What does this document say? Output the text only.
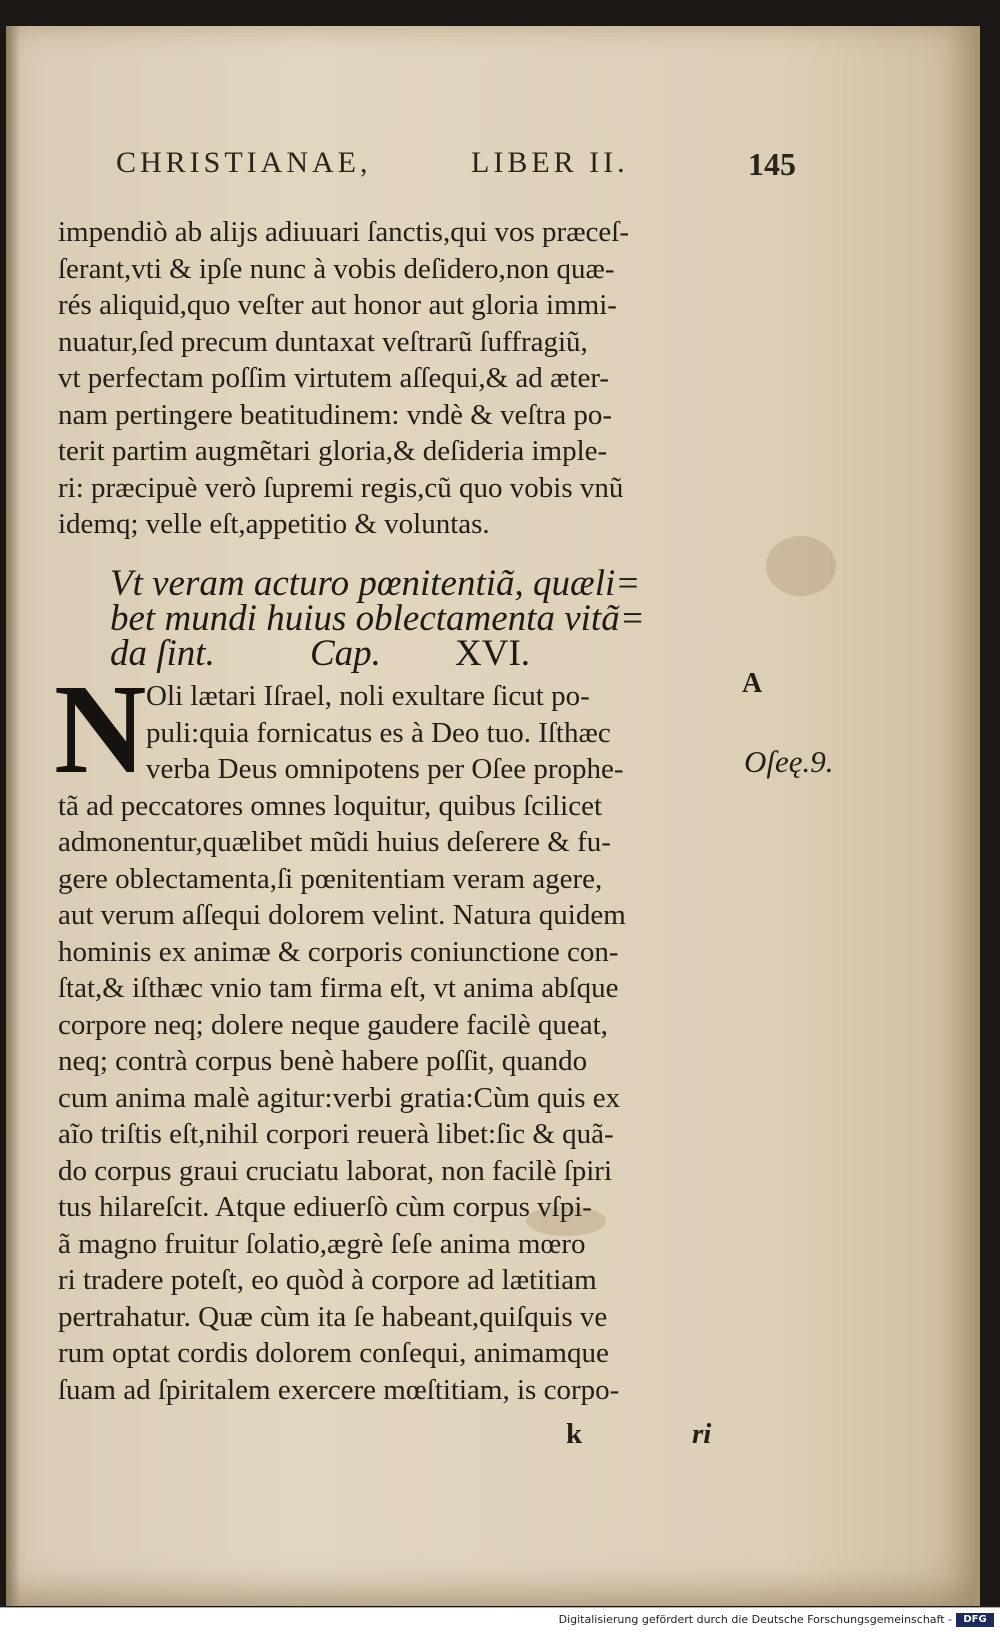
CHRISTIANAE,	LIBER II.	145
impendiò ab alijs adiuuari ſanctis,qui vos præceſ-
ſerant,vti & ipſe nunc à vobis deſidero,non quæ-
rés aliquid,quo veſter aut honor aut gloria immi-
nuatur,ſed precum duntaxat veſtrarũ ſuffragiũ,
vt perfectam poſſim virtutem aſſequi,& ad æter-
nam pertingere beatitudinem: vndè & veſtra po-
terit partim augmẽtari gloria,& deſideria imple-
ri: præcipuè verò ſupremi regis,cũ quo vobis vnũ
idemq; velle eſt,appetitio & voluntas.
Vt veram acturo pœnitentiã, quæli=
bet mundi huius oblectamenta vitã=
da ſint.	Cap. XVI.
N Oli lætari Iſrael, noli exultare ſicut po-
puli:quia fornicatus es à Deo tuo. Iſthæc
verba Deus omnipotens per Oſee prophe-
tã ad peccatores omnes loquitur, quibus ſcilicet
admonentur,quælibet mũdi huius deſerere & fu-
gere oblectamenta,ſi pœnitentiam veram agere,
aut verum aſſequi dolorem velint. Natura quidem
hominis ex animæ & corporis coniunctione con-
ſtat,& iſthæc vnio tam firma eſt, vt anima abſque
corpore neq; dolere neque gaudere facilè queat,
neq; contrà corpus benè habere poſſit, quando
cum anima malè agitur:verbi gratia:Cùm quis ex
aĩo triſtis eſt,nihil corpori reuerà libet:ſic & quã-
do corpus graui cruciatu laborat, non facilè ſpiri
tus hilareſcit. Atque ediuerſò cùm corpus vſpi-
ã magno fruitur ſolatio,ægrè ſeſe anima mœro
ri tradere poteſt, eo quòd à corpore ad lætitiam
pertrahatur. Quæ cùm ita ſe habeant,quiſquis ve
rum optat cordis dolorem conſequi, animamque
ſuam ad ſpiritalem exercere mœſtitiam, is corpo-
A
Oſeę.9.
k	ri
Digitalisierung gefördert durch die Deutsche Forschungsgemeinschaft -	DFG
